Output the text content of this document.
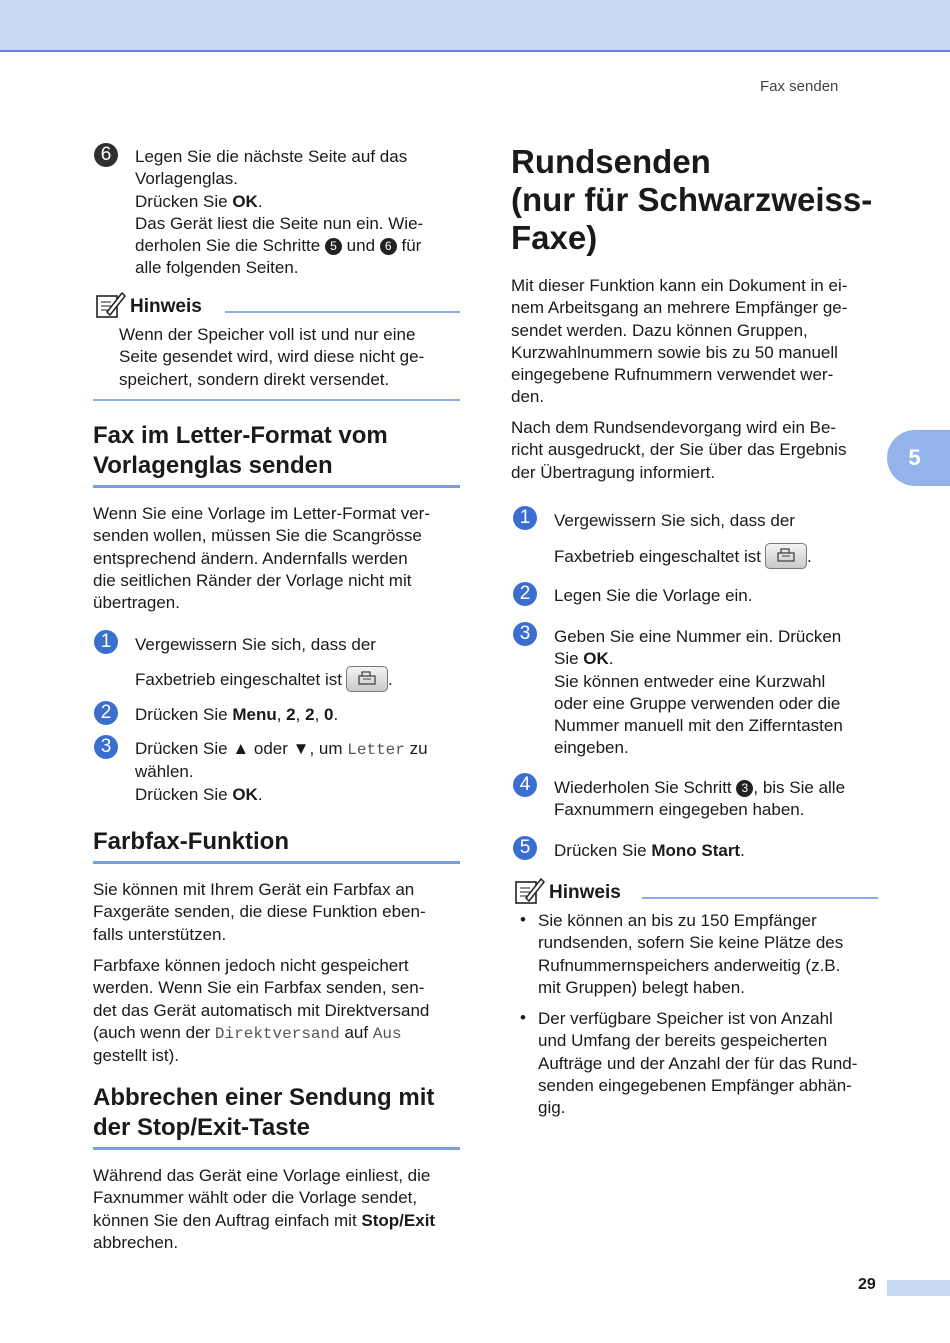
Fax senden
5
6	Legen Sie die nächste Seite auf das

Vorlagenglas.

Drücken Sie OK.

Das Gerät liest die Seite nun ein. Wie-

derholen Sie die Schritte 5 und 6 für

alle folgenden Seiten.

Hinweis

Wenn der Speicher voll ist und nur eine

Seite gesendet wird, wird diese nicht ge-

speichert, sondern direkt versendet.

Fax im Letter-Format vom
Vorlagenglas senden

Wenn Sie eine Vorlage im Letter-Format ver-

senden wollen, müssen Sie die Scangrösse

entsprechend ändern. Andernfalls werden

die seitlichen Ränder der Vorlage nicht mit

übertragen.

1	Vergewissern Sie sich, dass der
Faxbetrieb eingeschaltet ist	.
2	Drücken Sie Menu, 2, 2, 0.
3	Drücken Sie ▲ oder ▼, um Letter zu

wählen.

Drücken Sie OK.

Farbfax-Funktion

Sie können mit Ihrem Gerät ein Farbfax an

Faxgeräte senden, die diese Funktion eben-

falls unterstützen.

Farbfaxe können jedoch nicht gespeichert

werden. Wenn Sie ein Farbfax senden, sen-

det das Gerät automatisch mit Direktversand

(auch wenn der Direktversand auf Aus

gestellt ist).

Abbrechen einer Sendung mit
der Stop/Exit-Taste

Während das Gerät eine Vorlage einliest, die

Faxnummer wählt oder die Vorlage sendet,

können Sie den Auftrag einfach mit Stop/Exit

abbrechen.

Rundsenden
(nur für Schwarzweiss-
Faxe)

Mit dieser Funktion kann ein Dokument in ei-

nem Arbeitsgang an mehrere Empfänger ge-

sendet werden. Dazu können Gruppen,

Kurzwahlnummern sowie bis zu 50 manuell

eingegebene Rufnummern verwendet wer-

den.

Nach dem Rundsendevorgang wird ein Be-

richt ausgedruckt, der Sie über das Ergebnis

der Übertragung informiert.

1	Vergewissern Sie sich, dass der
Faxbetrieb eingeschaltet ist	.
2	Legen Sie die Vorlage ein.
3	Geben Sie eine Nummer ein. Drücken

Sie OK.

Sie können entweder eine Kurzwahl

oder eine Gruppe verwenden oder die

Nummer manuell mit den Zifferntasten

eingeben.

4	Wiederholen Sie Schritt 3 , bis Sie alle

Faxnummern eingegeben haben.

5	Drücken Sie Mono Start.
Hinweis
• Sie können an bis zu 150 Empfänger

rundsenden, sofern Sie keine Plätze des

Rufnummernspeichers anderweitig (z.B.

mit Gruppen) belegt haben.

• Der verfügbare Speicher ist von Anzahl

und Umfang der bereits gespeicherten

Aufträge und der Anzahl der für das Rund-

senden eingegebenen Empfänger abhän-

gig.

29
